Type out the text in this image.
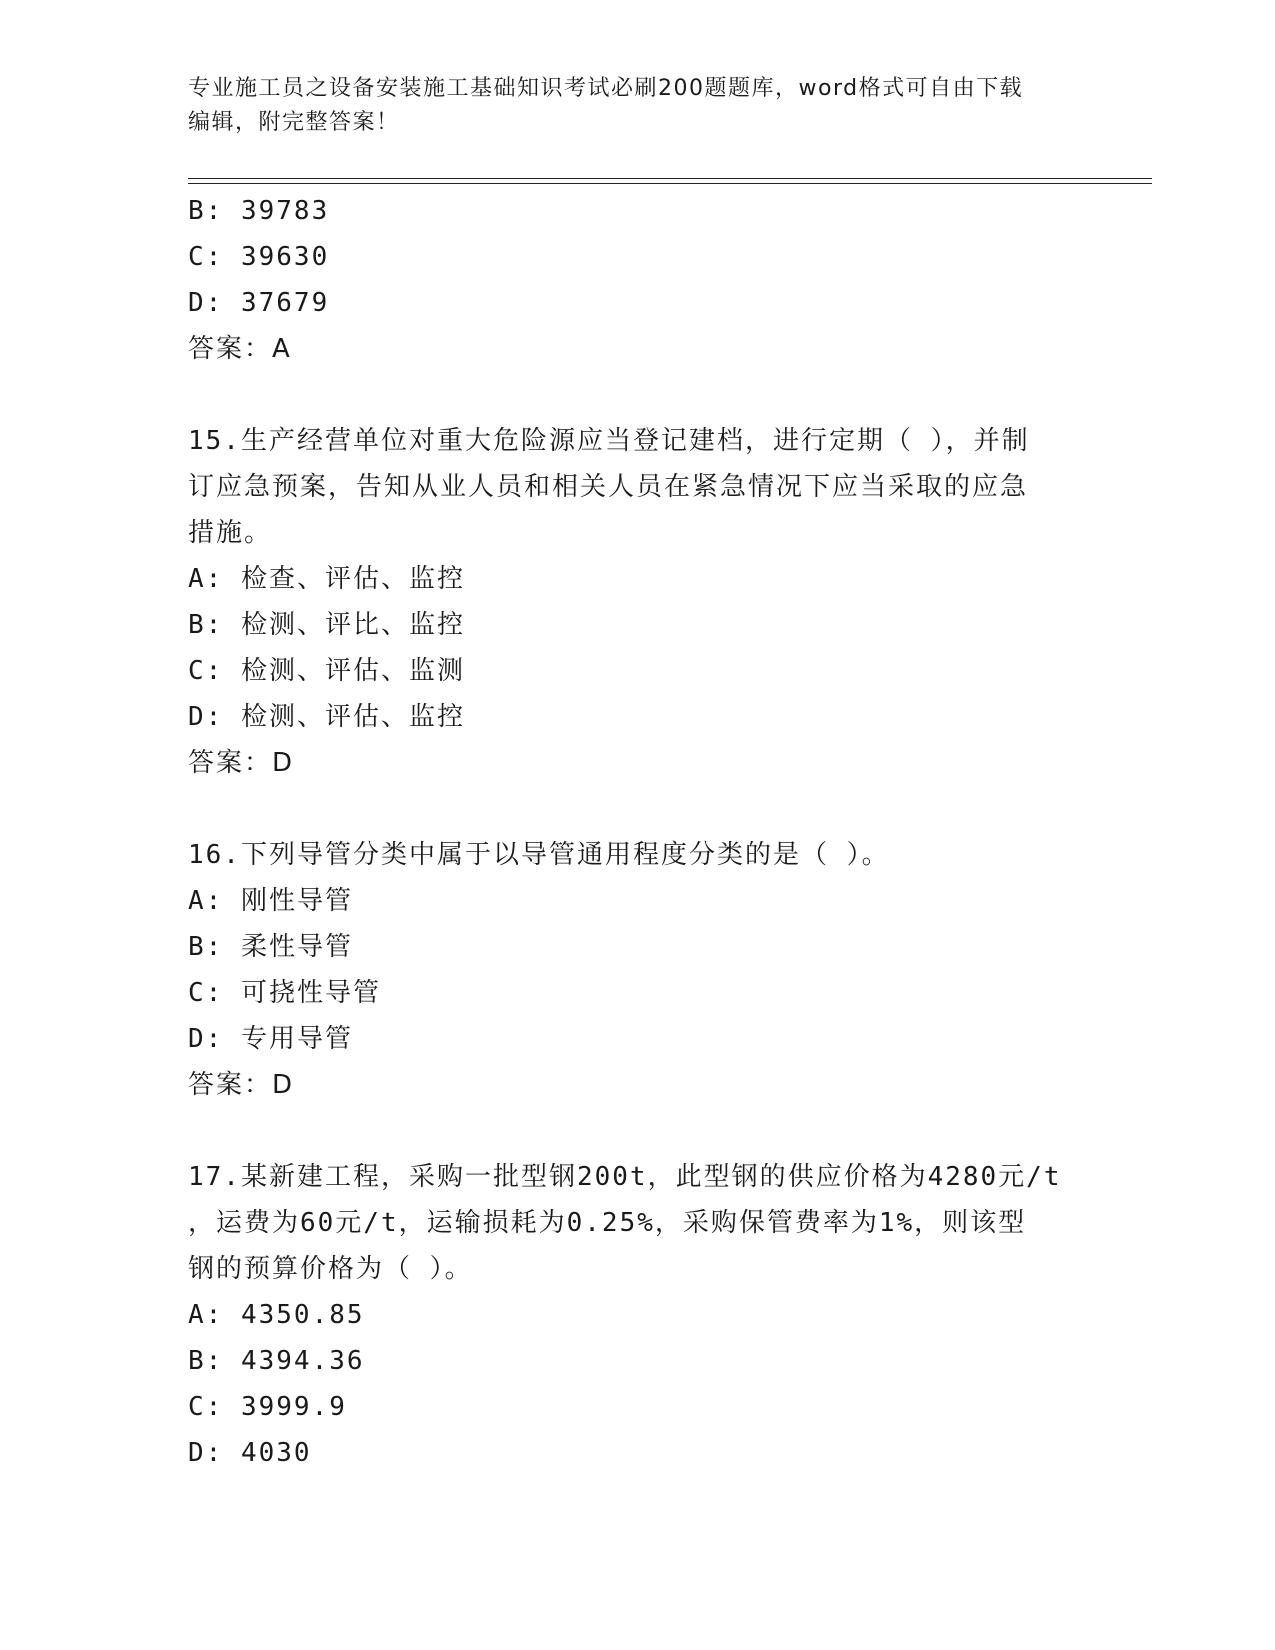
专业施工员之设备安装施工基础知识考试必刷200题题库，word格式可自由下载
编辑，附完整答案！
B: 39783
C: 39630
D: 37679
答案：A
15.生产经营单位对重大危险源应当登记建档，进行定期（ ），并制
订应急预案，告知从业人员和相关人员在紧急情况下应当采取的应急
措施。
A: 检查、评估、监控
B: 检测、评比、监控
C: 检测、评估、监测
D: 检测、评估、监控
答案：D
16.下列导管分类中属于以导管通用程度分类的是（ ）。
A: 刚性导管
B: 柔性导管
C: 可挠性导管
D: 专用导管
答案：D
17.某新建工程，采购一批型钢200t，此型钢的供应价格为4280元/t
，运费为60元/t，运输损耗为0.25%，采购保管费率为1%，则该型
钢的预算价格为（ ）。
A: 4350.85
B: 4394.36
C: 3999.9
D: 4030
